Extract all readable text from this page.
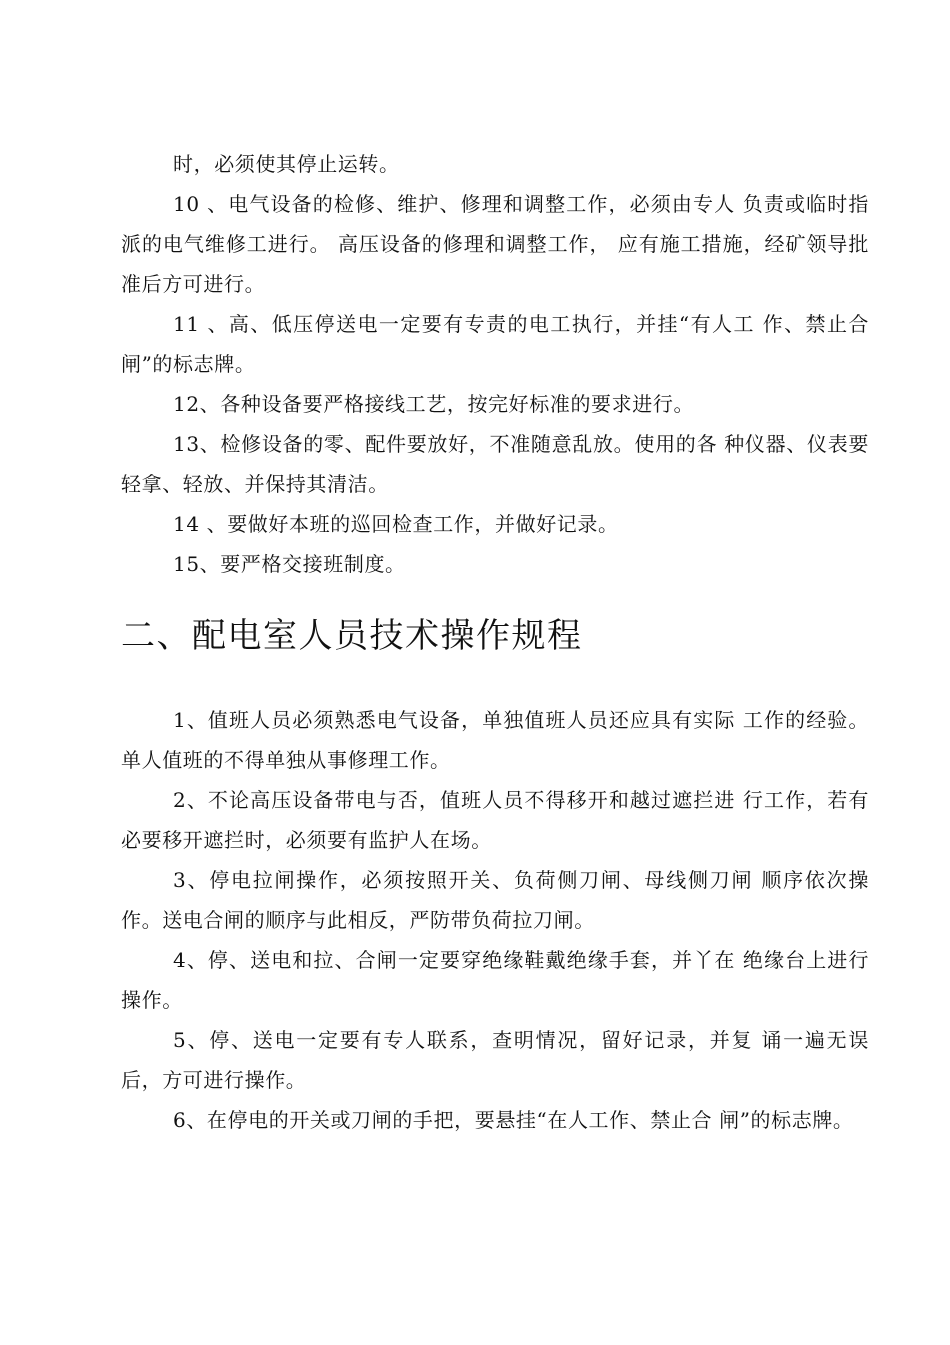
时，必须使其停止运转。

10 、电气设备的检修、维护、修理和调整工作，必须由专人 负责或临时指派的电气维修工进行。 高压设备的修理和调整工作， 应有施工措施，经矿领导批准后方可进行。

11 、高、低压停送电一定要有专责的电工执行，并挂“有人工 作、禁止合闸”的标志牌。

12、各种设备要严格接线工艺，按完好标准的要求进行。

13、检修设备的零、配件要放好，不准随意乱放。使用的各 种仪器、仪表要轻拿、轻放、并保持其清洁。

14 、要做好本班的巡回检查工作，并做好记录。

15、要严格交接班制度。

二、配电室人员技术操作规程

1、值班人员必须熟悉电气设备，单独值班人员还应具有实际 工作的经验。单人值班的不得单独从事修理工作。

2、不论高压设备带电与否，值班人员不得移开和越过遮拦进 行工作，若有必要移开遮拦时，必须要有监护人在场。

3、停电拉闸操作，必须按照开关、负荷侧刀闸、母线侧刀闸 顺序依次操作。送电合闸的顺序与此相反，严防带负荷拉刀闸。

4、停、送电和拉、合闸一定要穿绝缘鞋戴绝缘手套，并丫在 绝缘台上进行操作。

5、停、送电一定要有专人联系，查明情况，留好记录，并复 诵一遍无误后，方可进行操作。

6、在停电的开关或刀闸的手把，要悬挂“在人工作、禁止合 闸”的标志牌。
